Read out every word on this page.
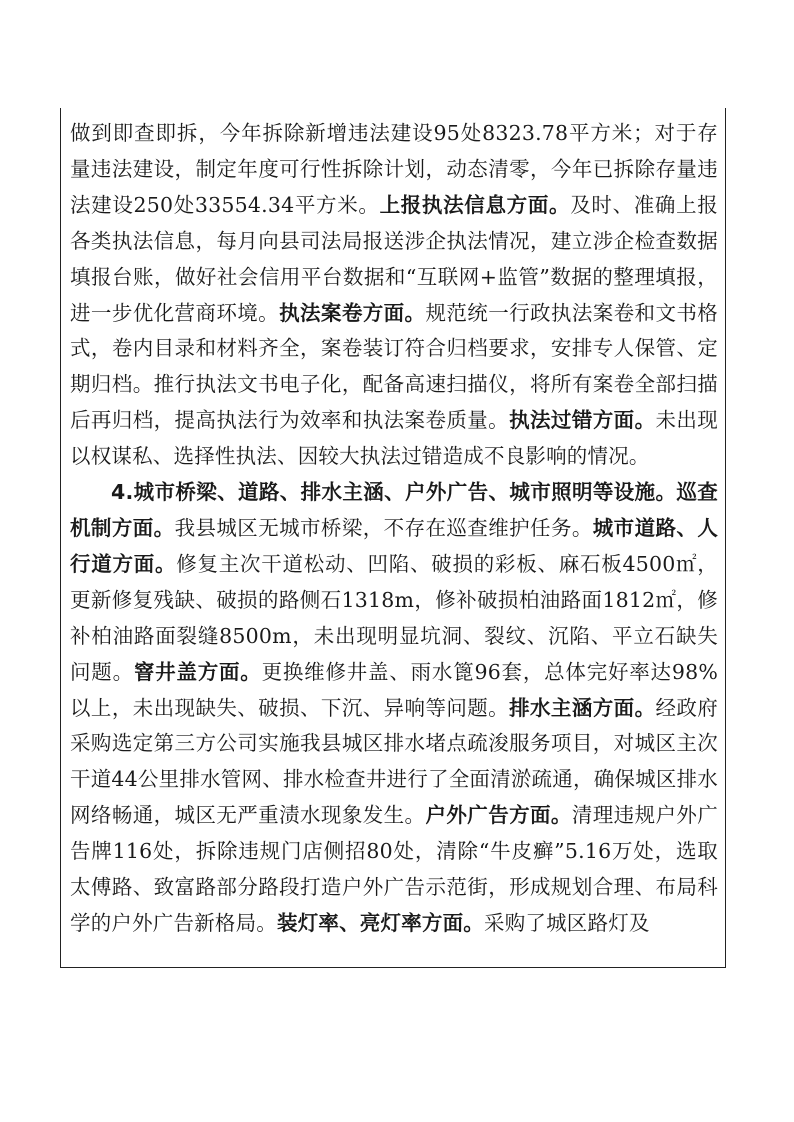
做到即查即拆，今年拆除新增违法建设95处8323.78平方米；对于存量违法建设，制定年度可行性拆除计划，动态清零，今年已拆除存量违法建设250处33554.34平方米。上报执法信息方面。及时、准确上报各类执法信息，每月向县司法局报送涉企执法情况，建立涉企检查数据填报台账，做好社会信用平台数据和“互联网+监管”数据的整理填报，进一步优化营商环境。执法案卷方面。规范统一行政执法案卷和文书格式，卷内目录和材料齐全，案卷装订符合归档要求，安排专人保管、定期归档。推行执法文书电子化，配备高速扫描仪，将所有案卷全部扫描后再归档，提高执法行为效率和执法案卷质量。执法过错方面。未出现以权谋私、选择性执法、因较大执法过错造成不良影响的情况。

4.城市桥梁、道路、排水主涵、户外广告、城市照明等设施。巡查机制方面。我县城区无城市桥梁，不存在巡查维护任务。城市道路、人行道方面。修复主次干道松动、凹陷、破损的彩板、麻石板4500㎡，更新修复残缺、破损的路侧石1318m，修补破损柏油路面1812㎡，修补柏油路面裂缝8500m，未出现明显坑洞、裂纹、沉陷、平立石缺失问题。窨井盖方面。更换维修井盖、雨水篦96套，总体完好率达98%以上，未出现缺失、破损、下沉、异响等问题。排水主涵方面。经政府采购选定第三方公司实施我县城区排水堵点疏浚服务项目，对城区主次干道44公里排水管网、排水检查井进行了全面清淤疏通，确保城区排水网络畅通，城区无严重渍水现象发生。户外广告方面。清理违规户外广告牌116处，拆除违规门店侧招80处，清除“牛皮癣”5.16万处，选取太傅路、致富路部分路段打造户外广告示范街，形成规划合理、布局科学的户外广告新格局。装灯率、亮灯率方面。采购了城区路灯及
